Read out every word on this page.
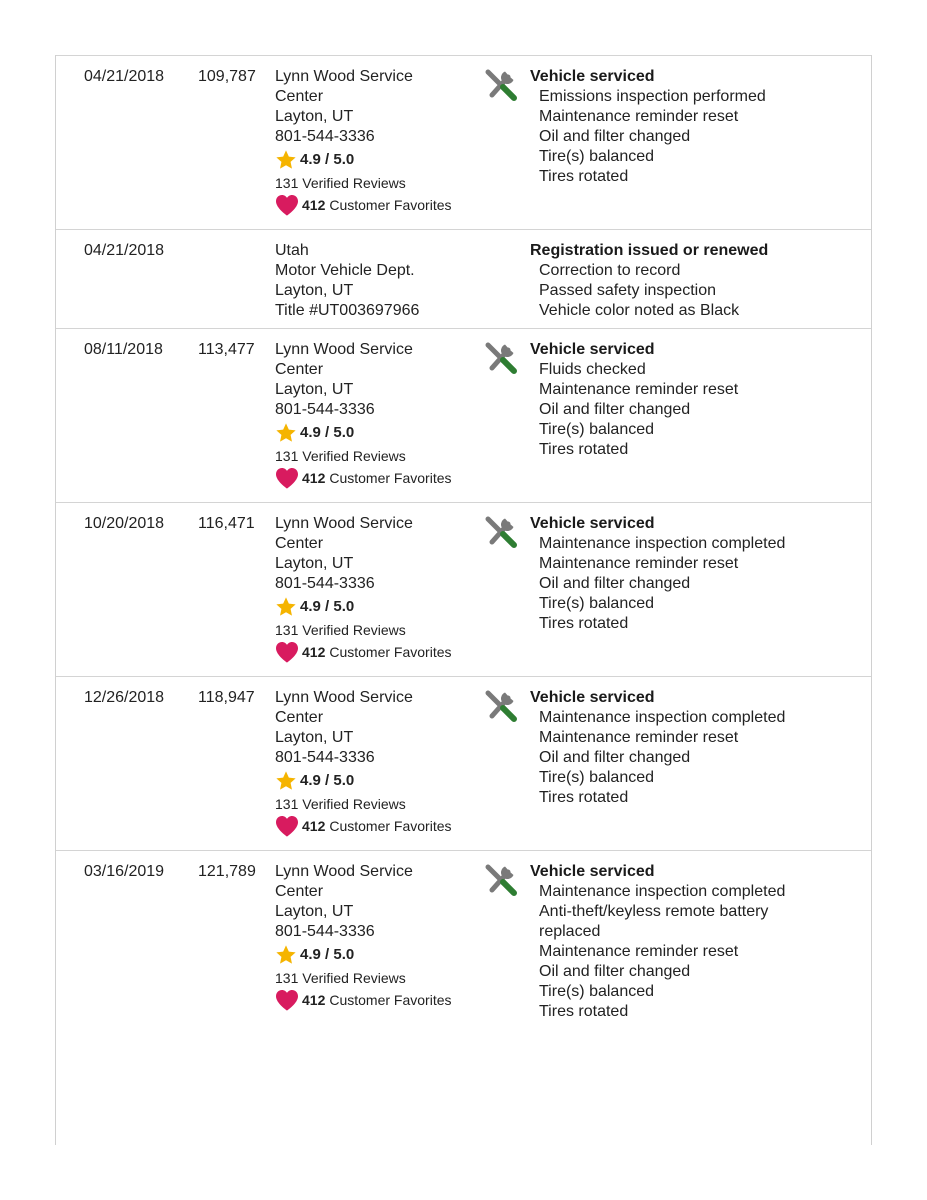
04/21/2018 109,787 Lynn Wood Service
Center
Layton, UT
801-544-3336
4.9 / 5.0
131 Verified Reviews
412 Customer Favorites
Vehicle serviced
Emissions inspection performed
Maintenance reminder reset
Oil and filter changed
Tire(s) balanced
Tires rotated
04/21/2018	Utah
Motor Vehicle Dept.
Layton, UT
Title #UT003697966
Registration issued or renewed
Correction to record
Passed safety inspection
Vehicle color noted as Black
08/11/2018 113,477 Lynn Wood Service
Center
Layton, UT
801-544-3336
4.9 / 5.0
131 Verified Reviews
412 Customer Favorites
Vehicle serviced
Fluids checked
Maintenance reminder reset
Oil and filter changed
Tire(s) balanced
Tires rotated
10/20/2018 116,471 Lynn Wood Service
Center
Layton, UT
801-544-3336
4.9 / 5.0
131 Verified Reviews
412 Customer Favorites
Vehicle serviced
Maintenance inspection completed
Maintenance reminder reset
Oil and filter changed
Tire(s) balanced
Tires rotated
12/26/2018 118,947 Lynn Wood Service
Center
Layton, UT
801-544-3336
4.9 / 5.0
131 Verified Reviews
412 Customer Favorites
Vehicle serviced
Maintenance inspection completed
Maintenance reminder reset
Oil and filter changed
Tire(s) balanced
Tires rotated
03/16/2019 121,789 Lynn Wood Service
Center
Layton, UT
801-544-3336
4.9 / 5.0
131 Verified Reviews
412 Customer Favorites
Vehicle serviced
Maintenance inspection completed
Anti-theft/keyless remote battery
replaced
Maintenance reminder reset
Oil and filter changed
Tire(s) balanced
Tires rotated
